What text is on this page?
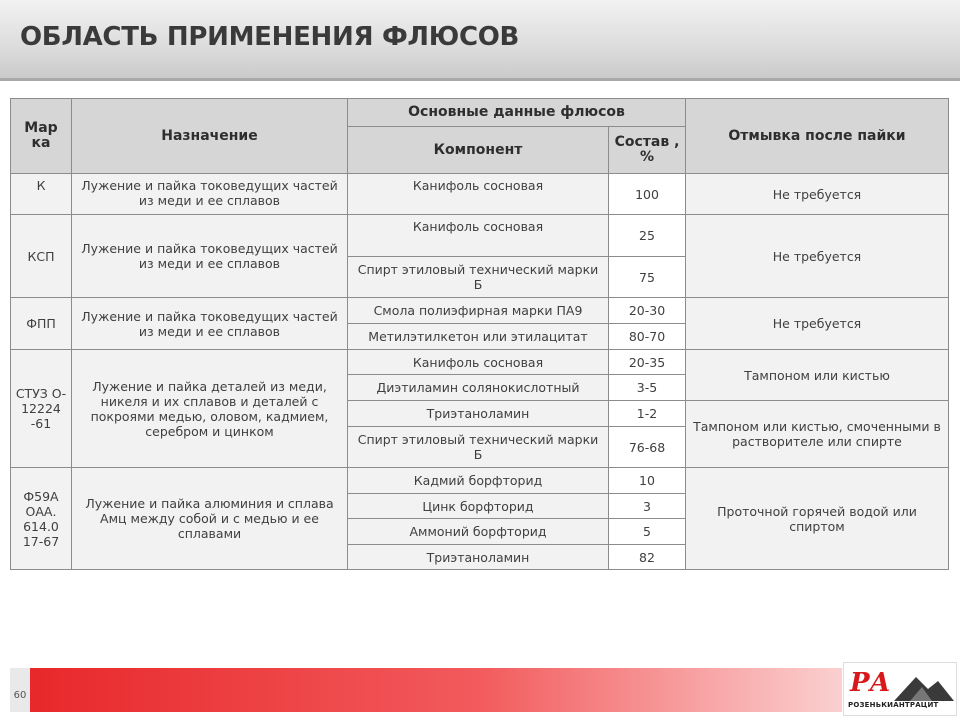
ОБЛАСТЬ ПРИМЕНЕНИЯ ФЛЮСОВ
Мар ка	Назначение	Основные данные флюсов		Отмывка после пайки
		Компонент	Состав , %	
К	Лужение и пайка токоведущих частей из меди и ее сплавов	Канифоль сосновая	100	Не требуется
КСП	Лужение и пайка токоведущих частей из меди и ее сплавов	Канифоль сосновая	25	Не требуется
		Спирт этиловый технический марки Б	75	
ФПП	Лужение и пайка токоведущих частей из меди и ее сплавов	Смола полиэфирная марки ПА9	20-30	Не требуется
		Метилэтилкетон или этилацитат	80-70	
СТУЗ О- 12224 -61	Лужение и пайка деталей из меди, никеля и их сплавов и деталей с покроями медью, оловом, кадмием, серебром и цинком	Канифоль сосновая	20-35	Тампоном или кистью
		Диэтиламин солянокислотный	3-5	
		Триэтаноламин	1-2	Тампоном или кистью, смоченными в растворителе или спирте
		Спирт этиловый технический марки Б	76-68	
Ф59А ОАА. 614.0 17-67	Лужение и пайка алюминия и сплава Амц между собой и с медью и ее сплавами	Кадмий борфторид	10	Проточной горячей водой или спиртом
		Цинк борфторид	3	
		Аммоний борфторид	5	
		Триэтаноламин	82	
60	РА
РОЗЕНЬКИАНТРАЦИТ
